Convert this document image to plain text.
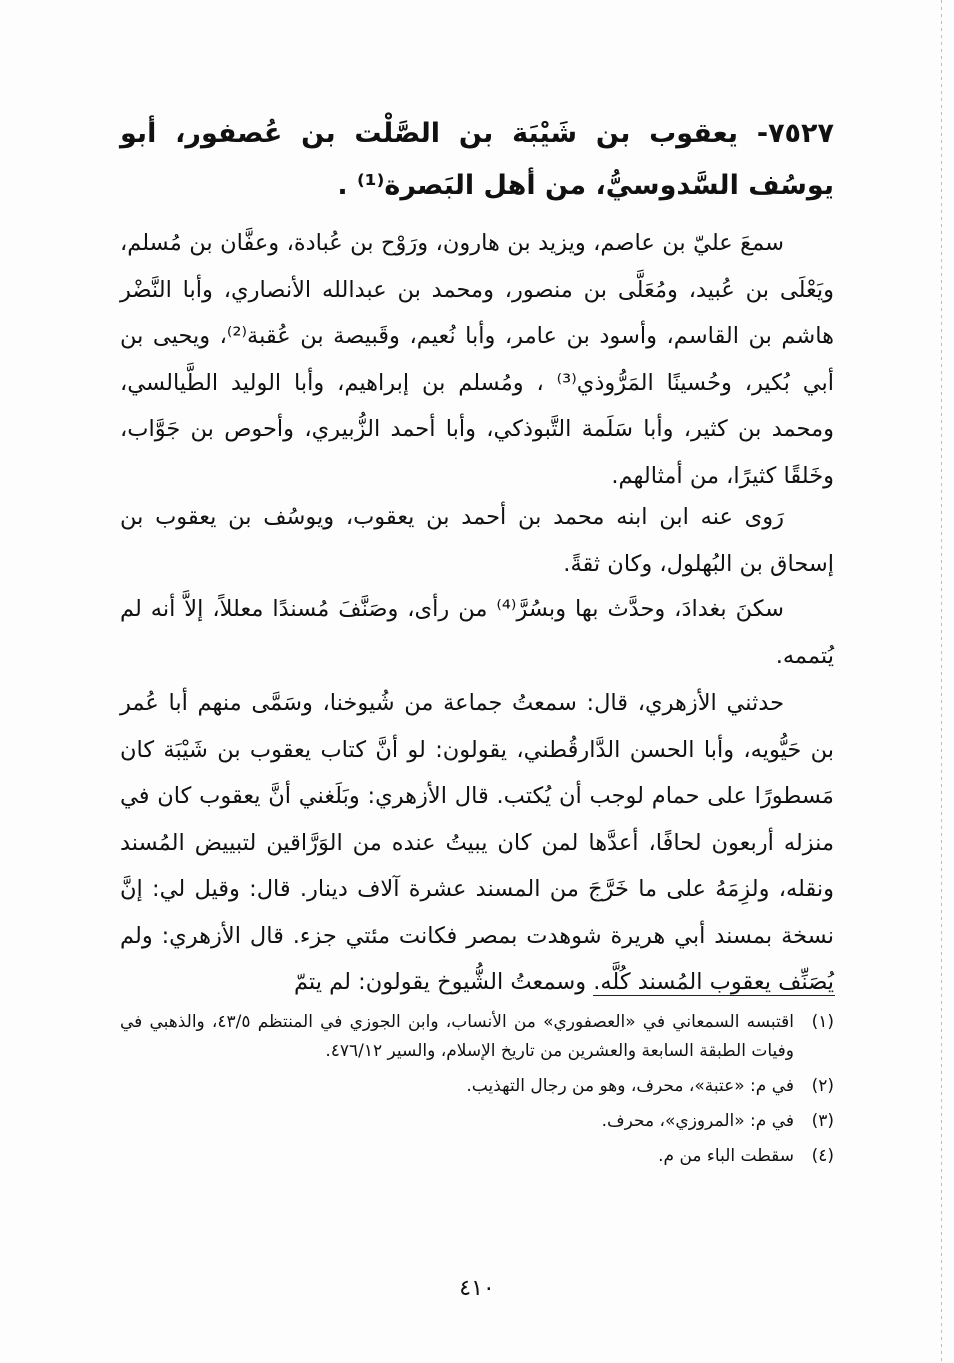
٧٥٢٧- يعقوب بن شَيْبَة بن الصَّلْت بن عُصفور، أبو يوسُف السَّدوسيُّ، من أهل البَصرة⁽¹⁾ .
سمعَ عليّ بن عاصم، ويزيد بن هارون، ورَوْح بن عُبادة، وعفَّان بن مُسلم، ويَعْلَى بن عُبيد، ومُعَلَّى بن منصور، ومحمد بن عبدالله الأنصاري، وأبا النَّضْر هاشم بن القاسم، وأسود بن عامر، وأبا نُعيم، وقَبيصة بن عُقبة⁽²⁾، ويحيى بن أبي بُكير، وحُسينًا المَرُّوذي⁽³⁾ ، ومُسلم بن إبراهيم، وأبا الوليد الطَّيالسي، ومحمد بن كثير، وأبا سَلَمة التَّبوذكي، وأبا أحمد الزُّبيري، وأحوص بن جَوَّاب، وخَلقًا كثيرًا، من أمثالهم.
رَوى عنه ابن ابنه محمد بن أحمد بن يعقوب، ويوسُف بن يعقوب بن إسحاق بن البُهلول، وكان ثقةً.
سكنَ بغدادَ، وحدَّث بها وبسُرَّ⁽⁴⁾ من رأى، وصَنَّفَ مُسندًا معللاً، إلاَّ أنه لم يُتممه.
حدثني الأزهري، قال: سمعتُ جماعة من شُيوخنا، وسَمَّى منهم أبا عُمر بن حَيُّويه، وأبا الحسن الدَّارقُطني، يقولون: لو أنَّ كتاب يعقوب بن شَيْبَة كان مَسطورًا على حمام لوجب أن يُكتب. قال الأزهري: وبَلَغني أنَّ يعقوب كان في منزله أربعون لحافًا، أعدَّها لمن كان يبيتُ عنده من الوَرَّاقين لتبييض المُسند ونقله، ولزِمَهُ على ما خَرَّجَ من المسند عشرة آلاف دينار. قال: وقيل لي: إنَّ نسخة بمسند أبي هريرة شوهدت بمصر فكانت مئتي جزء. قال الأزهري: ولم يُصَنِّف يعقوب المُسند كُلَّه. وسمعتُ الشُّيوخ يقولون: لم يتمّ
(١)
اقتبسه السمعاني في «العصفوري» من الأنساب، وابن الجوزي في المنتظم ٤٣/٥، والذهبي في وفيات الطبقة السابعة والعشرين من تاريخ الإسلام، والسير ٤٧٦/١٢.
(٢)
في م: «عتبة»، محرف، وهو من رجال التهذيب.
(٣)
في م: «المروزي»، محرف.
(٤)
سقطت الباء من م.
٤١٠
